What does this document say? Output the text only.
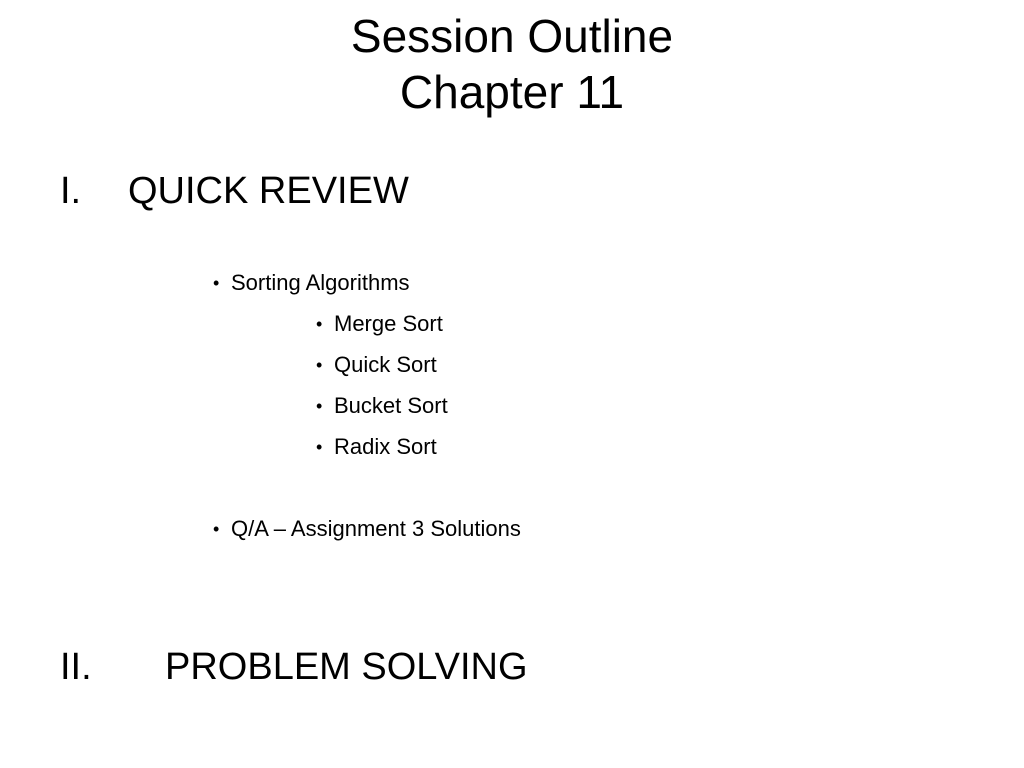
Session Outline
Chapter 11
I. QUICK REVIEW
• Sorting Algorithms
• Merge Sort
• Quick Sort
• Bucket Sort
• Radix Sort
• Q/A – Assignment 3 Solutions
II. PROBLEM SOLVING
